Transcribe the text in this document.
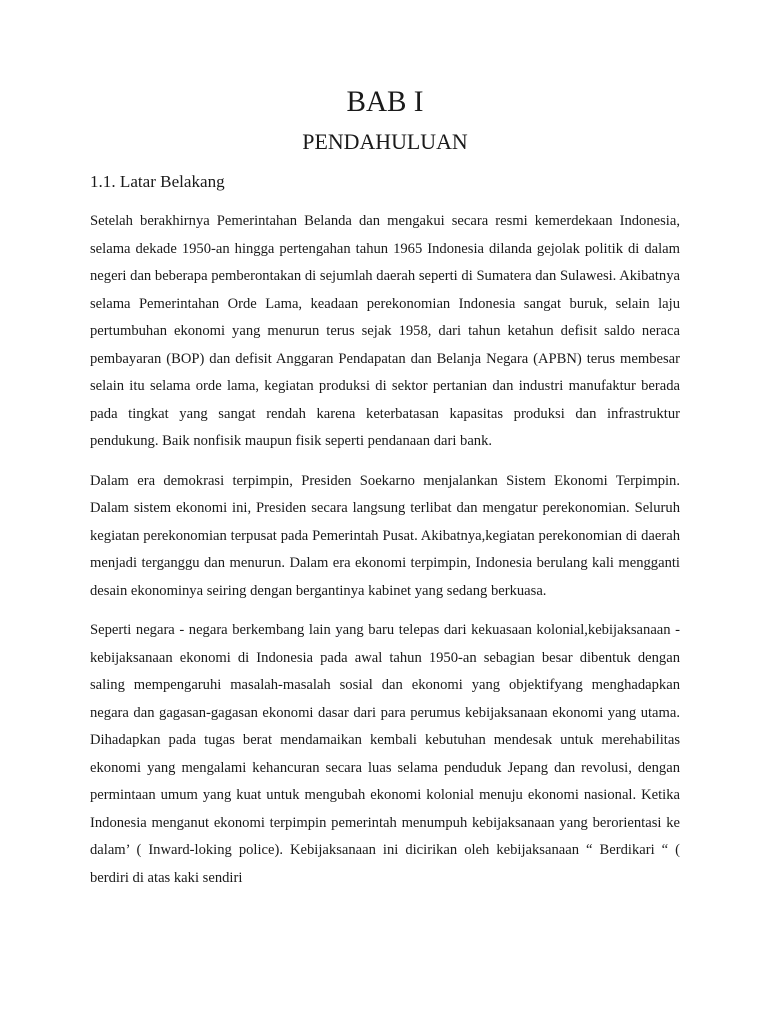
BAB I
PENDAHULUAN
1.1. Latar Belakang

Setelah berakhirnya Pemerintahan Belanda dan mengakui secara resmi kemerdekaan Indonesia, selama dekade 1950-an hingga pertengahan tahun 1965 Indonesia dilanda gejolak politik di dalam negeri dan beberapa pemberontakan di sejumlah daerah seperti di Sumatera dan Sulawesi. Akibatnya selama Pemerintahan Orde Lama, keadaan perekonomian Indonesia sangat buruk, selain laju pertumbuhan ekonomi yang menurun terus sejak 1958, dari tahun ketahun defisit saldo neraca pembayaran (BOP) dan defisit Anggaran Pendapatan dan Belanja Negara (APBN) terus membesar selain itu selama orde lama, kegiatan produksi di sektor pertanian dan industri manufaktur berada pada tingkat yang sangat rendah karena keterbatasan kapasitas produksi dan infrastruktur pendukung. Baik nonfisik maupun fisik seperti pendanaan dari bank.

Dalam era demokrasi terpimpin, Presiden Soekarno menjalankan Sistem Ekonomi Terpimpin. Dalam sistem ekonomi ini, Presiden secara langsung terlibat dan mengatur perekonomian. Seluruh kegiatan perekonomian terpusat pada Pemerintah Pusat. Akibatnya,kegiatan perekonomian di daerah menjadi terganggu dan menurun. Dalam era ekonomi terpimpin, Indonesia berulang kali mengganti desain ekonominya seiring dengan bergantinya kabinet yang sedang berkuasa.

Seperti negara - negara berkembang lain yang baru telepas dari kekuasaan kolonial,kebijaksanaan - kebijaksanaan ekonomi di Indonesia pada awal tahun 1950-an sebagian besar dibentuk dengan saling mempengaruhi masalah-masalah sosial dan ekonomi yang objektifyang menghadapkan negara dan gagasan-gagasan ekonomi dasar dari para perumus kebijaksanaan ekonomi yang utama. Dihadapkan pada tugas berat mendamaikan kembali kebutuhan mendesak untuk merehabilitas ekonomi yang mengalami kehancuran secara luas selama penduduk Jepang dan revolusi, dengan permintaan umum yang kuat untuk mengubah ekonomi kolonial menuju ekonomi nasional. Ketika Indonesia menganut ekonomi terpimpin pemerintah menumpuh kebijaksanaan yang berorientasi ke dalam’ ( Inward-loking police). Kebijaksanaan ini dicirikan oleh kebijaksanaan “ Berdikari “ ( berdiri di atas kaki sendiri
